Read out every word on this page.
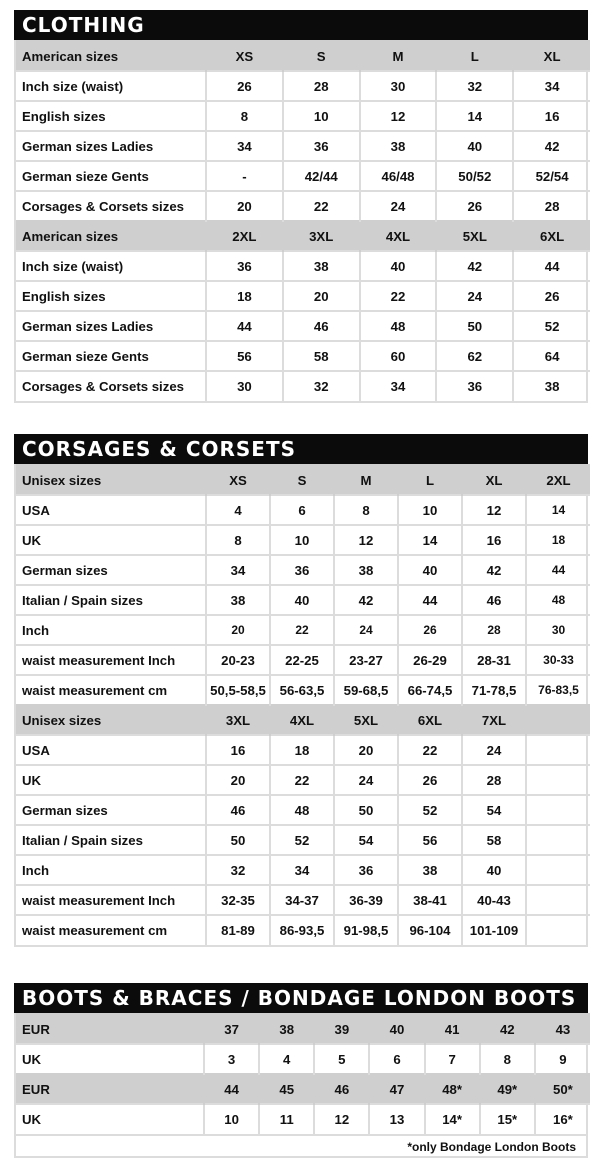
CLOTHING
American sizes	XS	S	M	L	XL
Inch size (waist)	26	28	30	32	34
English sizes	8	10	12	14	16
German sizes Ladies	34	36	38	40	42
German sieze Gents	-	42/44	46/48	50/52	52/54
Corsages & Corsets sizes	20	22	24	26	28
American sizes	2XL	3XL	4XL	5XL	6XL
Inch size (waist)	36	38	40	42	44
English sizes	18	20	22	24	26
German sizes Ladies	44	46	48	50	52
German sieze Gents	56	58	60	62	64
Corsages & Corsets sizes	30	32	34	36	38
CORSAGES & CORSETS
Unisex sizes	XS	S	M	L	XL	2XL
USA	4	6	8	10	12	14
UK	8	10	12	14	16	18
German sizes	34	36	38	40	42	44
Italian / Spain sizes	38	40	42	44	46	48
Inch	20	22	24	26	28	30
waist measurement Inch	20-23	22-25	23-27	26-29	28-31	30-33
waist measurement cm	50,5-58,5	56-63,5	59-68,5	66-74,5	71-78,5	76-83,5
Unisex sizes	3XL	4XL	5XL	6XL	7XL	
USA	16	18	20	22	24	
UK	20	22	24	26	28	
German sizes	46	48	50	52	54	
Italian / Spain sizes	50	52	54	56	58	
Inch	32	34	36	38	40	
waist measurement Inch	32-35	34-37	36-39	38-41	40-43	
waist measurement cm	81-89	86-93,5	91-98,5	96-104	101-109	
BOOTS & BRACES / BONDAGE LONDON BOOTS
EUR	37	38	39	40	41	42	43
UK	3	4	5	6	7	8	9
EUR	44	45	46	47	48*	49*	50*
UK	10	11	12	13	14*	15*	16*
*only Bondage London Boots
